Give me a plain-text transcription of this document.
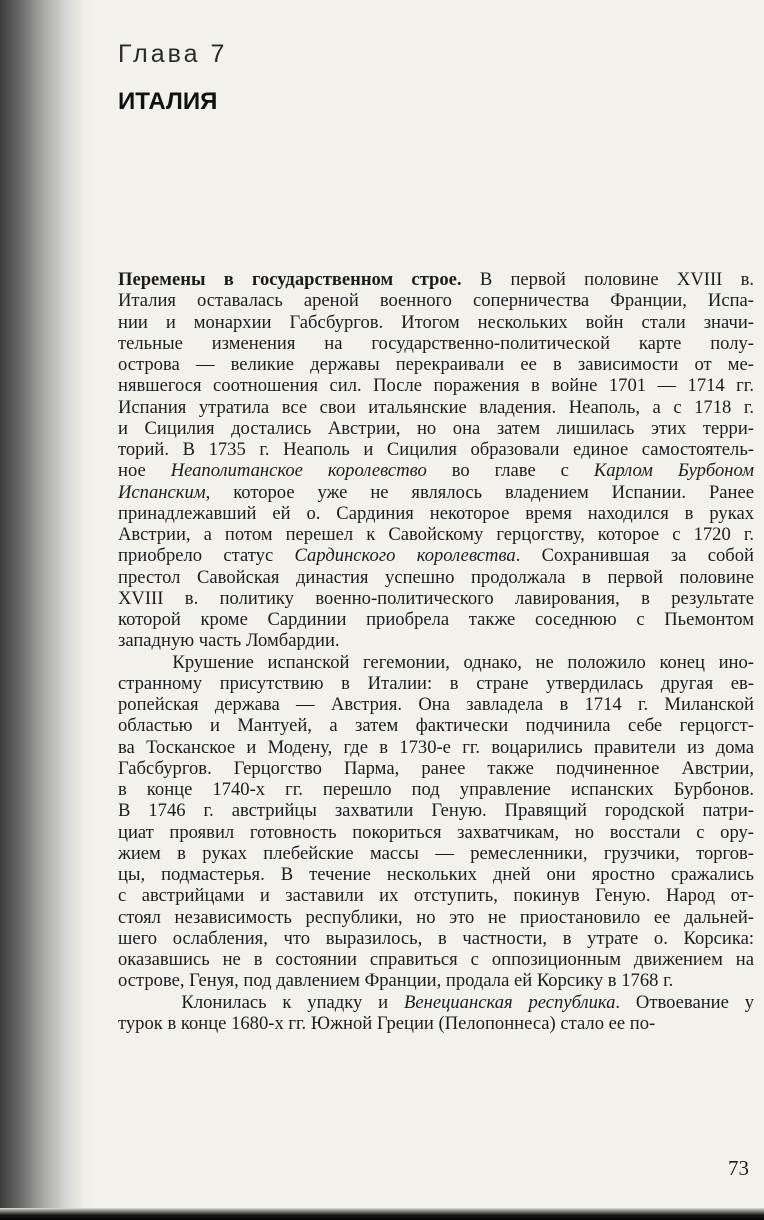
Глава 7
ИТАЛИЯ

Перемены в государственном строе. В первой половине XVIII в.
Италия оставалась ареной военного соперничества Франции, Испа-
нии и монархии Габсбургов. Итогом нескольких войн стали значи-
тельные изменения на государственно-политической карте полу-
острова — великие державы перекраивали ее в зависимости от ме-
нявшегося соотношения сил. После поражения в войне 1701 — 1714 гг.
Испания утратила все свои итальянские владения. Неаполь, а с 1718 г.
и Сицилия достались Австрии, но она затем лишилась этих терри-
торий. В 1735 г. Неаполь и Сицилия образовали единое самостоятель-
ное Неаполитанское королевство во главе с Карлом Бурбоном
Испанским, которое уже не являлось владением Испании. Ранее
принадлежавший ей о. Сардиния некоторое время находился в руках
Австрии, а потом перешел к Савойскому герцогству, которое с 1720 г.
приобрело статус Сардинского королевства. Сохранившая за собой
престол Савойская династия успешно продолжала в первой половине
XVIII в. политику военно-политического лавирования, в результате
которой кроме Сардинии приобрела также соседнюю с Пьемонтом
западную часть Ломбардии.

Крушение испанской гегемонии, однако, не положило конец ино-
странному присутствию в Италии: в стране утвердилась другая ев-
ропейская держава — Австрия. Она завладела в 1714 г. Миланской
областью и Мантуей, а затем фактически подчинила себе герцогст-
ва Тосканское и Модену, где в 1730-е гг. воцарились правители из дома
Габсбургов. Герцогство Парма, ранее также подчиненное Австрии,
в конце 1740-х гг. перешло под управление испанских Бурбонов.
В 1746 г. австрийцы захватили Геную. Правящий городской патри-
циат проявил готовность покориться захватчикам, но восстали с ору-
жием в руках плебейские массы — ремесленники, грузчики, торгов-
цы, подмастерья. В течение нескольких дней они яростно сражались
с австрийцами и заставили их отступить, покинув Геную. Народ от-
стоял независимость республики, но это не приостановило ее дальней-
шего ослабления, что выразилось, в частности, в утрате о. Корсика:
оказавшись не в состоянии справиться с оппозиционным движением на
острове, Генуя, под давлением Франции, продала ей Корсику в 1768 г.

Клонилась к упадку и Венецианская республика. Отвоевание у
турок в конце 1680-х гг. Южной Греции (Пелопоннеса) стало ее по-

73
